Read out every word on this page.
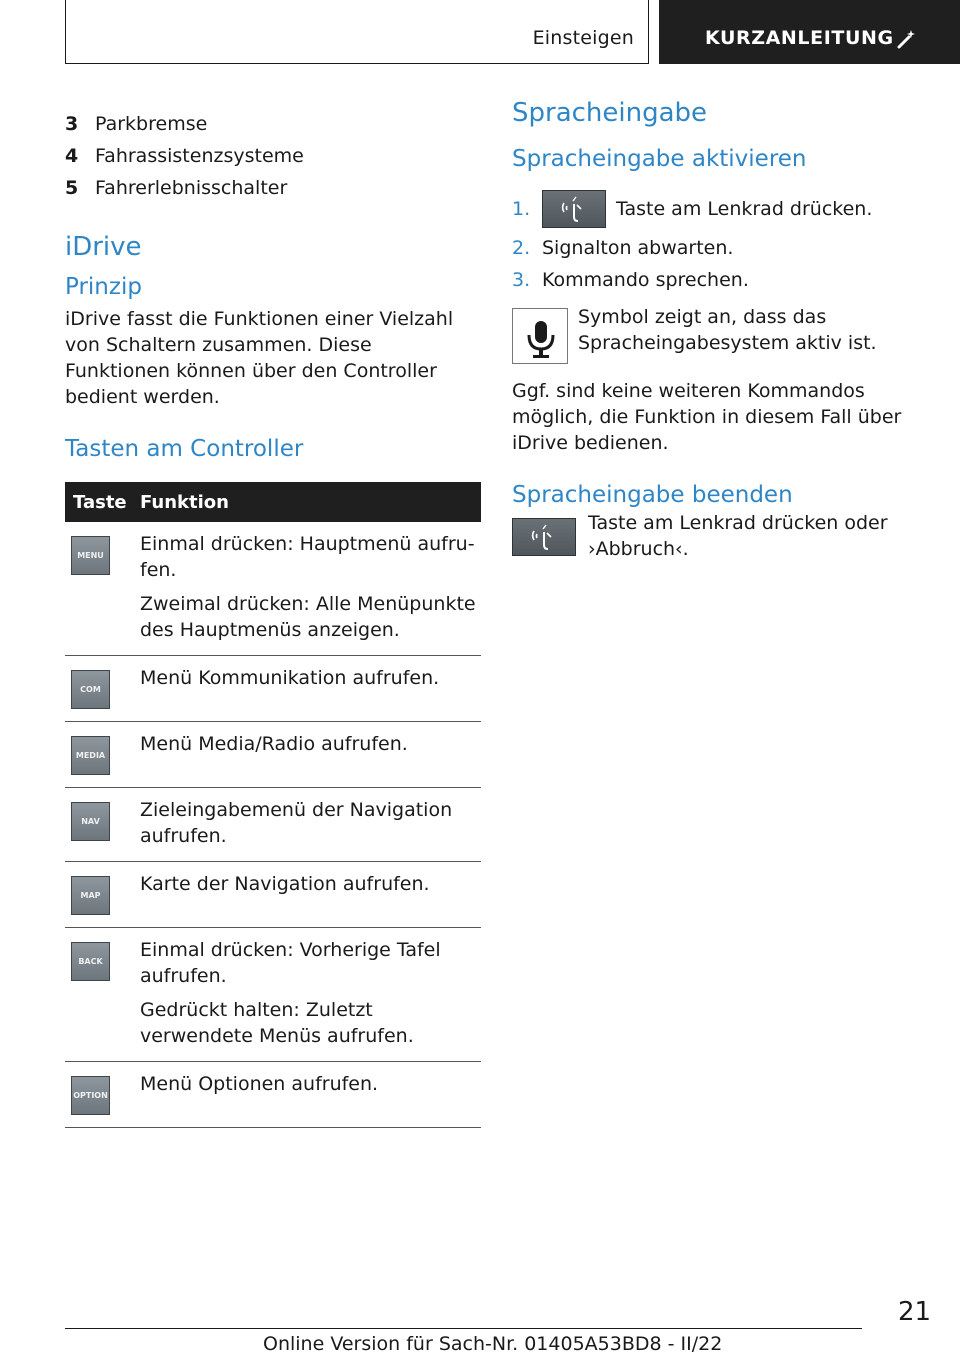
Einsteigen	KURZANLEITUNG
3 Parkbremse
4 Fahrassistenzsysteme
5 Fahrerlebnisschalter
iDrive
Prinzip

iDrive fasst die Funktionen einer Vielzahl von Schaltern zusammen. Diese Funktionen können über den Controller bedient werden.

Tasten am Controller
Taste Funktion
MENU
Einmal drücken: Hauptmenü aufrufen.
Zweimal drücken: Alle Menüpunkte des Hauptmenüs anzeigen.
COM
Menü Kommunikation aufrufen.
MEDIA
Menü Media/Radio aufrufen.
NAV
Zieleingabemenü der Navigation aufrufen.
MAP
Karte der Navigation aufrufen.
BACK
Einmal drücken: Vorherige Tafel aufrufen.
Gedrückt halten: Zuletzt verwendete Menüs aufrufen.
OPTION
Menü Optionen aufrufen.
Spracheingabe
Spracheingabe aktivieren
1.	Taste am Lenkrad drücken.
2. Signalton abwarten.
3. Kommando sprechen.

Symbol zeigt an, dass das Spracheingabesystem aktiv ist.

Ggf. sind keine weiteren Kommandos möglich, die Funktion in diesem Fall über iDrive bedienen.

Spracheingabe beenden

Taste am Lenkrad drücken oder ›Abbruch‹.

21
Online Version für Sach-Nr. 01405A53BD8 - II/22
